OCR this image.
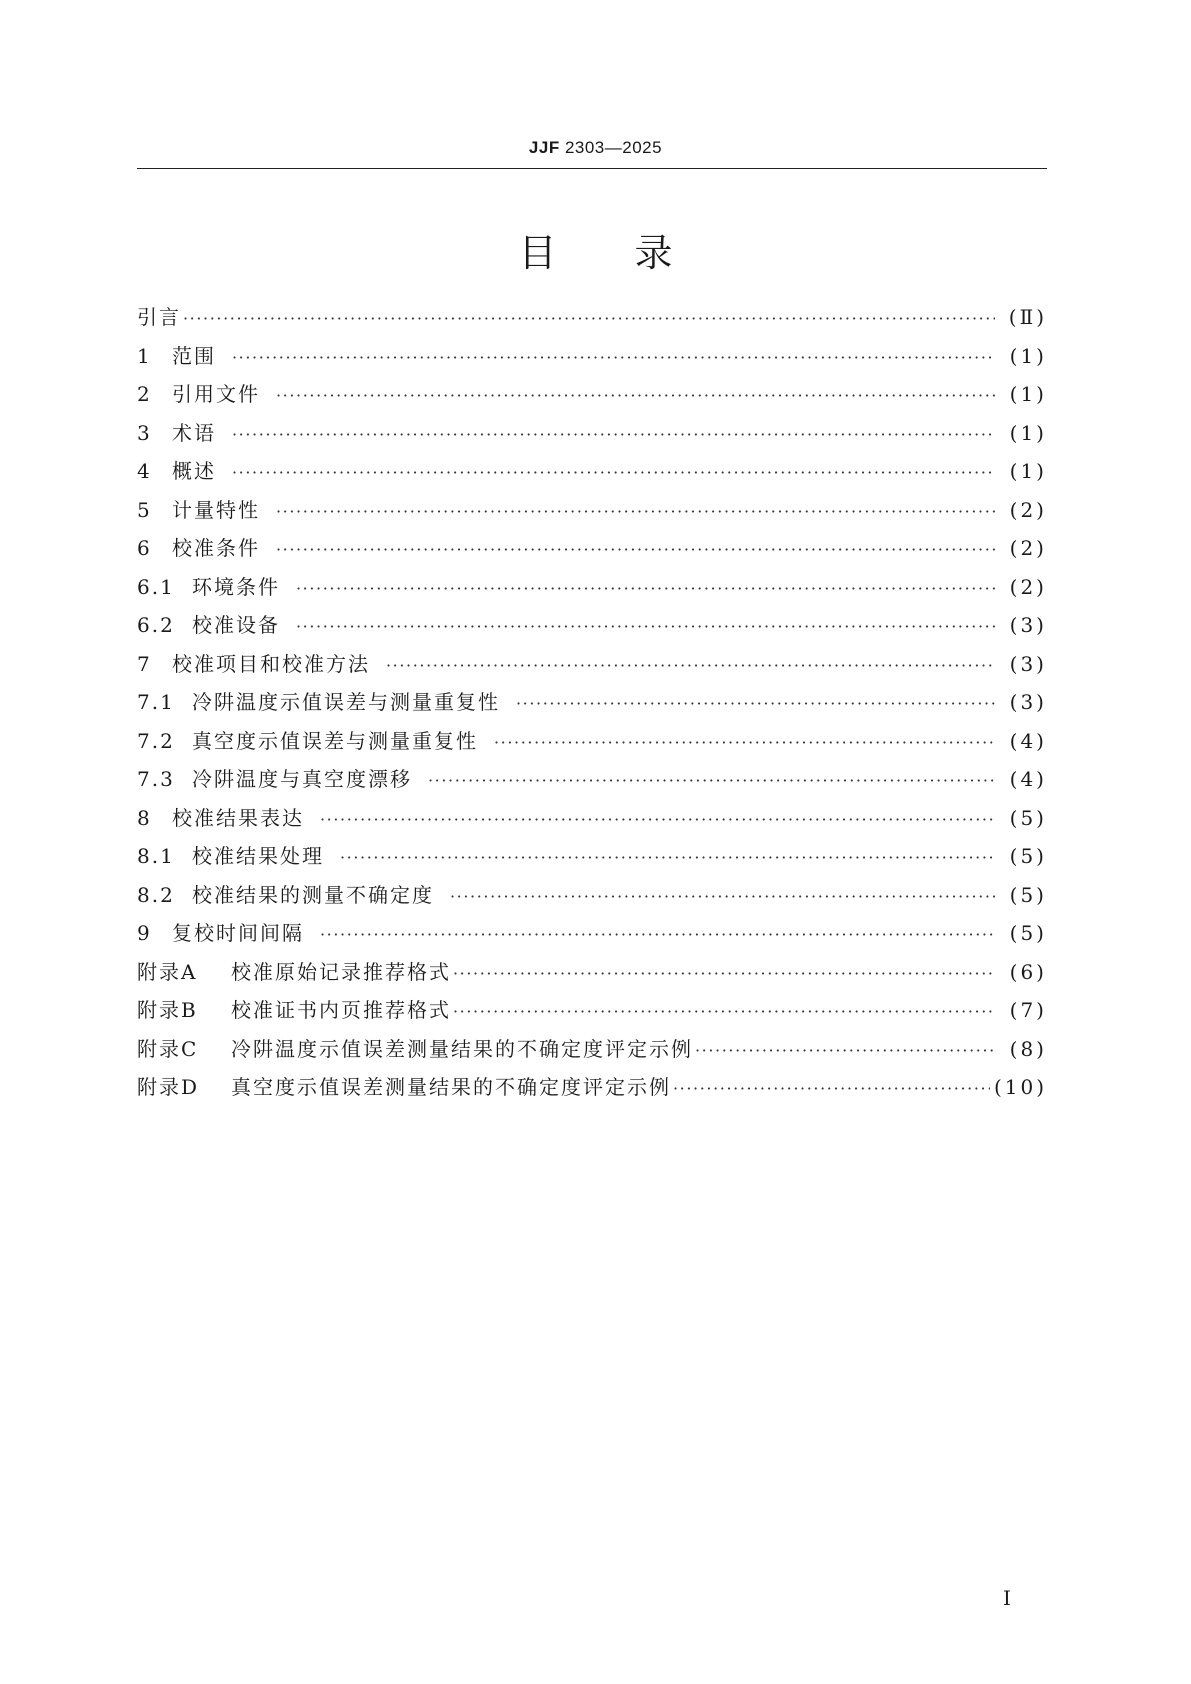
JJF 2303—2025
目录
引言 ·····	(Ⅱ)
1	范围 ·····	(1)
2	引用文件 ·····	(1)
3	术语 ·····	(1)
4	概述 ·····	(1)
5	计量特性 ·····	(2)
6	校准条件 ·····	(2)
6.1 环境条件 ·····	(2)
6.2 校准设备 ·····	(3)
7	校准项目和校准方法 ·····	(3)
7.1 冷阱温度示值误差与测量重复性 ·····	(3)
7.2 真空度示值误差与测量重复性 ·····	(4)
7.3 冷阱温度与真空度漂移 ·····	(4)
8	校准结果表达 ·····	(5)
8.1 校准结果处理 ·····	(5)
8.2 校准结果的测量不确定度 ·····	(5)
9	复校时间间隔 ·····	(5)
附录A	校准原始记录推荐格式 ·····	(6)
附录B	校准证书内页推荐格式 ·····	(7)
附录C	冷阱温度示值误差测量结果的不确定度评定示例 ·····	(8)
附录D	真空度示值误差测量结果的不确定度评定示例 ·····	(10)
I
